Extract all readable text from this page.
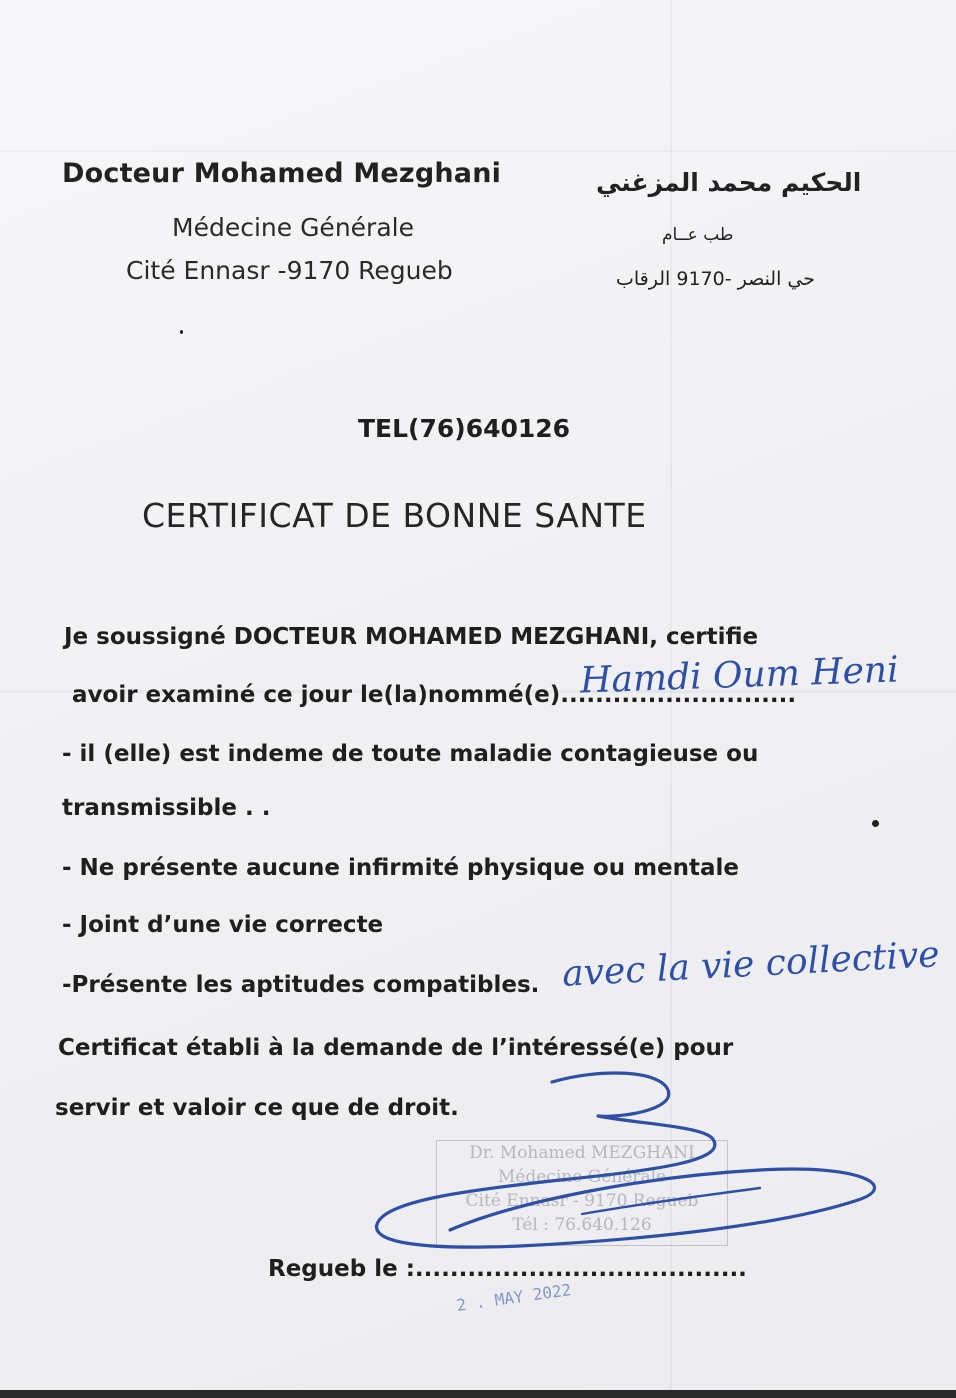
Docteur Mohamed Mezghani
Médecine Générale
Cité Ennasr -9170 Regueb
الحكيم محمد المزغني
طب عــام
حي النصر -9170 الرقاب
TEL(76)640126
CERTIFICAT DE BONNE SANTE
Je soussigné DOCTEUR MOHAMED MEZGHANI, certifie
avoir examiné ce jour le(la)nommé(e)...........................
Hamdi Oum Heni
- il (elle) est indeme de toute maladie contagieuse ou
transmissible . .
- Ne présente aucune infirmité physique ou mentale
- Joint d’une vie correcte
-Présente les aptitudes compatibles. avec la vie collective
Certificat établi à la demande de l’intéressé(e) pour
servir et valoir ce que de droit.
Dr. Mohamed MEZGHANI
Médecine Générale
Cité Ennasr - 9170 Regueb
Tél : 76.640.126
2 . MAY 2022
Regueb le :......................................
